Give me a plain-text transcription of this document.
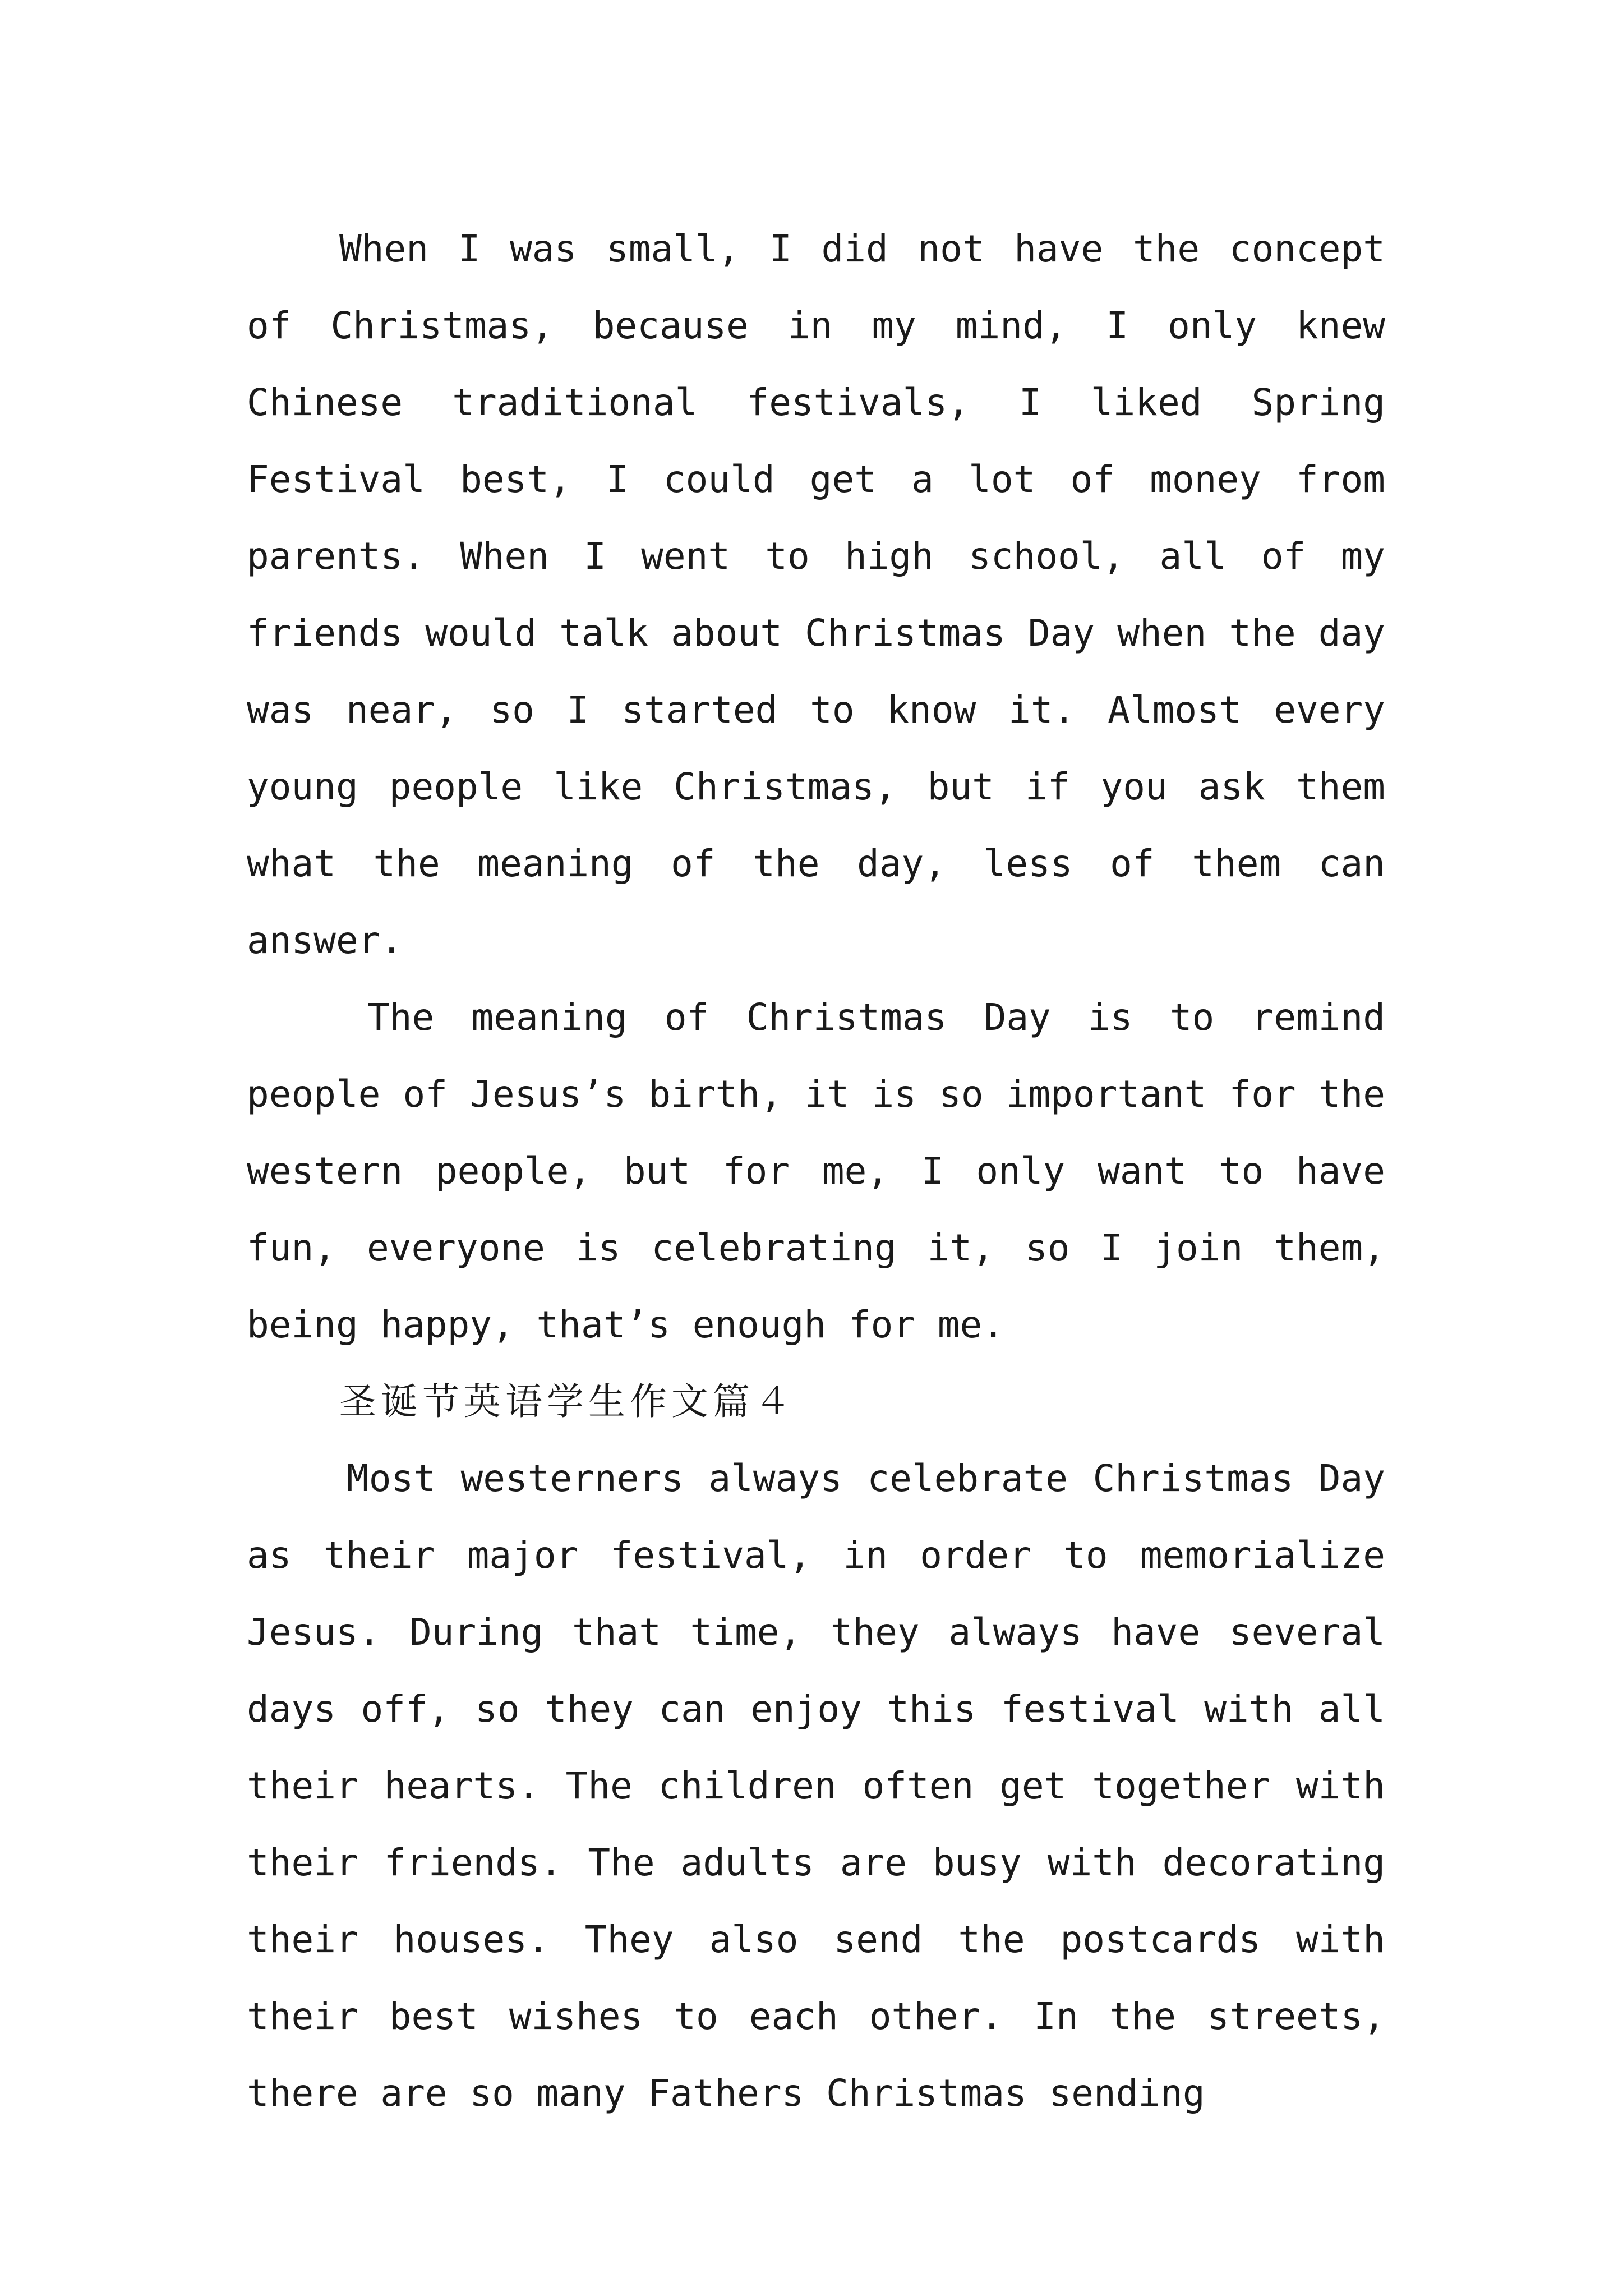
When I was small, I did not have the concept of Christmas, because in my mind, I only knew Chinese traditional festivals, I liked Spring Festival best, I could get a lot of money from parents. When I went to high school, all of my friends would talk about Christmas Day when the day was near, so I started to know it. Almost every young people like Christmas, but if you ask them what the meaning of the day, less of them can answer.

The meaning of Christmas Day is to remind people of Jesus’s birth, it is so important for the western people, but for me, I only want to have fun, everyone is celebrating it, so I join them, being happy, that’s enough for me.

圣诞节英语学生作文篇４

Most westerners always celebrate Christmas Day as their major festival, in order to memorialize Jesus. During that time, they always have several days off, so they can enjoy this festival with all their hearts. The children often get together with their friends. The adults are busy with decorating their houses. They also send the postcards with their best wishes to each other. In the streets, there are so many Fathers Christmas sending
